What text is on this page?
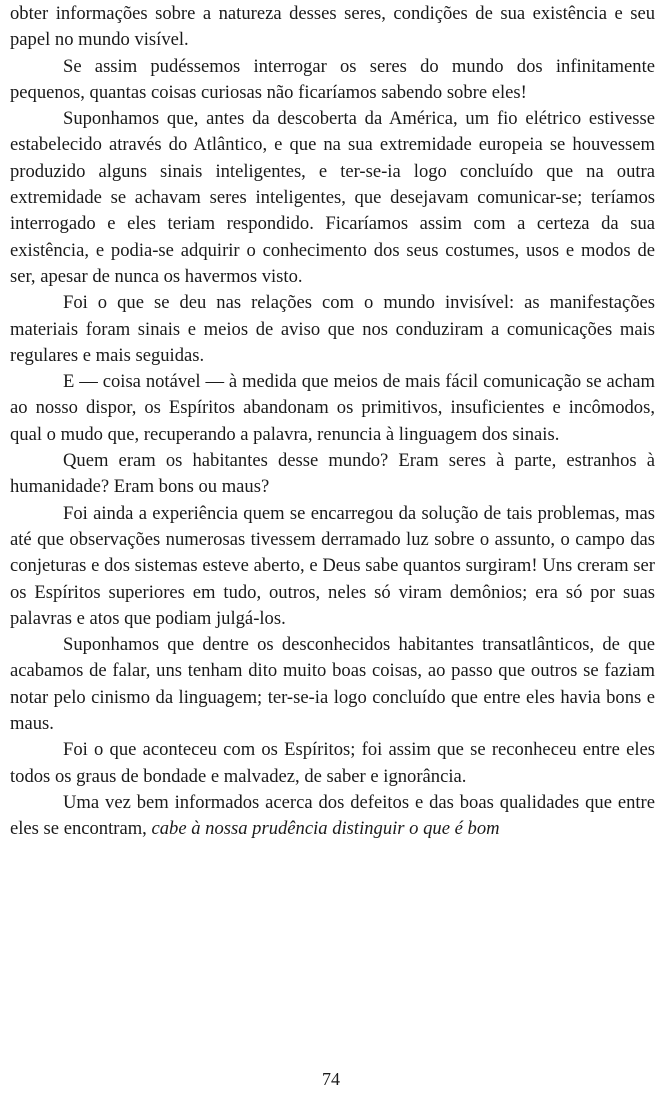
obter informações sobre a natureza desses seres, condições de sua existência e seu papel no mundo visível.

Se assim pudéssemos interrogar os seres do mundo dos infinitamente pequenos, quantas coisas curiosas não ficaríamos sabendo sobre eles!

Suponhamos que, antes da descoberta da América, um fio elétrico estivesse estabelecido através do Atlântico, e que na sua extremidade europeia se houvessem produzido alguns sinais inteligentes, e ter-se-ia logo concluído que na outra extremidade se achavam seres inteligentes, que desejavam comunicar-se; teríamos interrogado e eles teriam respondido. Ficaríamos assim com a certeza da sua existência, e podia-se adquirir o conhecimento dos seus costumes, usos e modos de ser, apesar de nunca os havermos visto.

Foi o que se deu nas relações com o mundo invisível: as manifestações materiais foram sinais e meios de aviso que nos conduziram a comunicações mais regulares e mais seguidas.

E — coisa notável — à medida que meios de mais fácil comunicação se acham ao nosso dispor, os Espíritos abandonam os primitivos, insuficientes e incômodos, qual o mudo que, recuperando a palavra, renuncia à linguagem dos sinais.

Quem eram os habitantes desse mundo? Eram seres à parte, estranhos à humanidade? Eram bons ou maus?

Foi ainda a experiência quem se encarregou da solução de tais problemas, mas até que observações numerosas tivessem derramado luz sobre o assunto, o campo das conjeturas e dos sistemas esteve aberto, e Deus sabe quantos surgiram! Uns creram ser os Espíritos superiores em tudo, outros, neles só viram demônios; era só por suas palavras e atos que podiam julgá-los.

Suponhamos que dentre os desconhecidos habitantes transatlânticos, de que acabamos de falar, uns tenham dito muito boas coisas, ao passo que outros se faziam notar pelo cinismo da linguagem; ter-se-ia logo concluído que entre eles havia bons e maus.

Foi o que aconteceu com os Espíritos; foi assim que se reconheceu entre eles todos os graus de bondade e malvadez, de saber e ignorância.

Uma vez bem informados acerca dos defeitos e das boas qualidades que entre eles se encontram, cabe à nossa prudência distinguir o que é bom

74
